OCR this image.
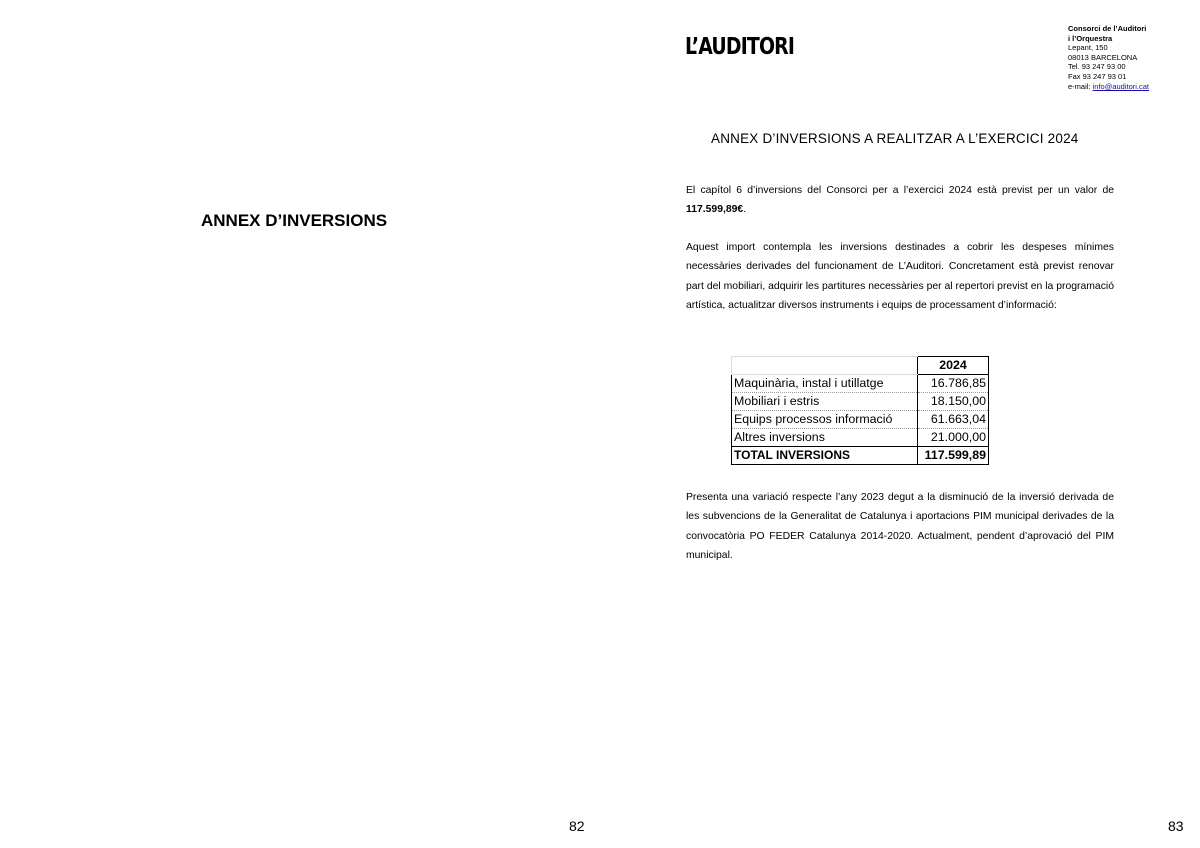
ANNEX D’INVERSIONS
82
L’AUDITORI
Consorci de l’Auditori
i l’Orquestra
Lepant, 150
08013 BARCELONA
Tel. 93 247 93 00
Fax 93 247 93 01
e-mail: info@auditori.cat
ANNEX D’INVERSIONS A REALITZAR A L’EXERCICI 2024

El capítol 6 d’inversions del Consorci per a l’exercici 2024 està previst per un valor de 117.599,89€.

Aquest import contempla les inversions destinades a cobrir les despeses mínimes necessàries derivades del funcionament de L’Auditori. Concretament està previst renovar part del mobiliari, adquirir les partitures necessàries per al repertori previst en la programació artística, actualitzar diversos instruments i equips de processament d’informació:

	2024
Maquinària, instal i utillatge	16.786,85
Mobiliari i estris	18.150,00
Equips processos informació	61.663,04
Altres inversions	21.000,00
TOTAL INVERSIONS	117.599,89

Presenta una variació respecte l’any 2023 degut a la disminució de la inversió derivada de les subvencions de la Generalitat de Catalunya i aportacions PIM municipal derivades de la convocatòria PO FEDER Catalunya 2014-2020. Actualment, pendent d’aprovació del PIM municipal.

83
